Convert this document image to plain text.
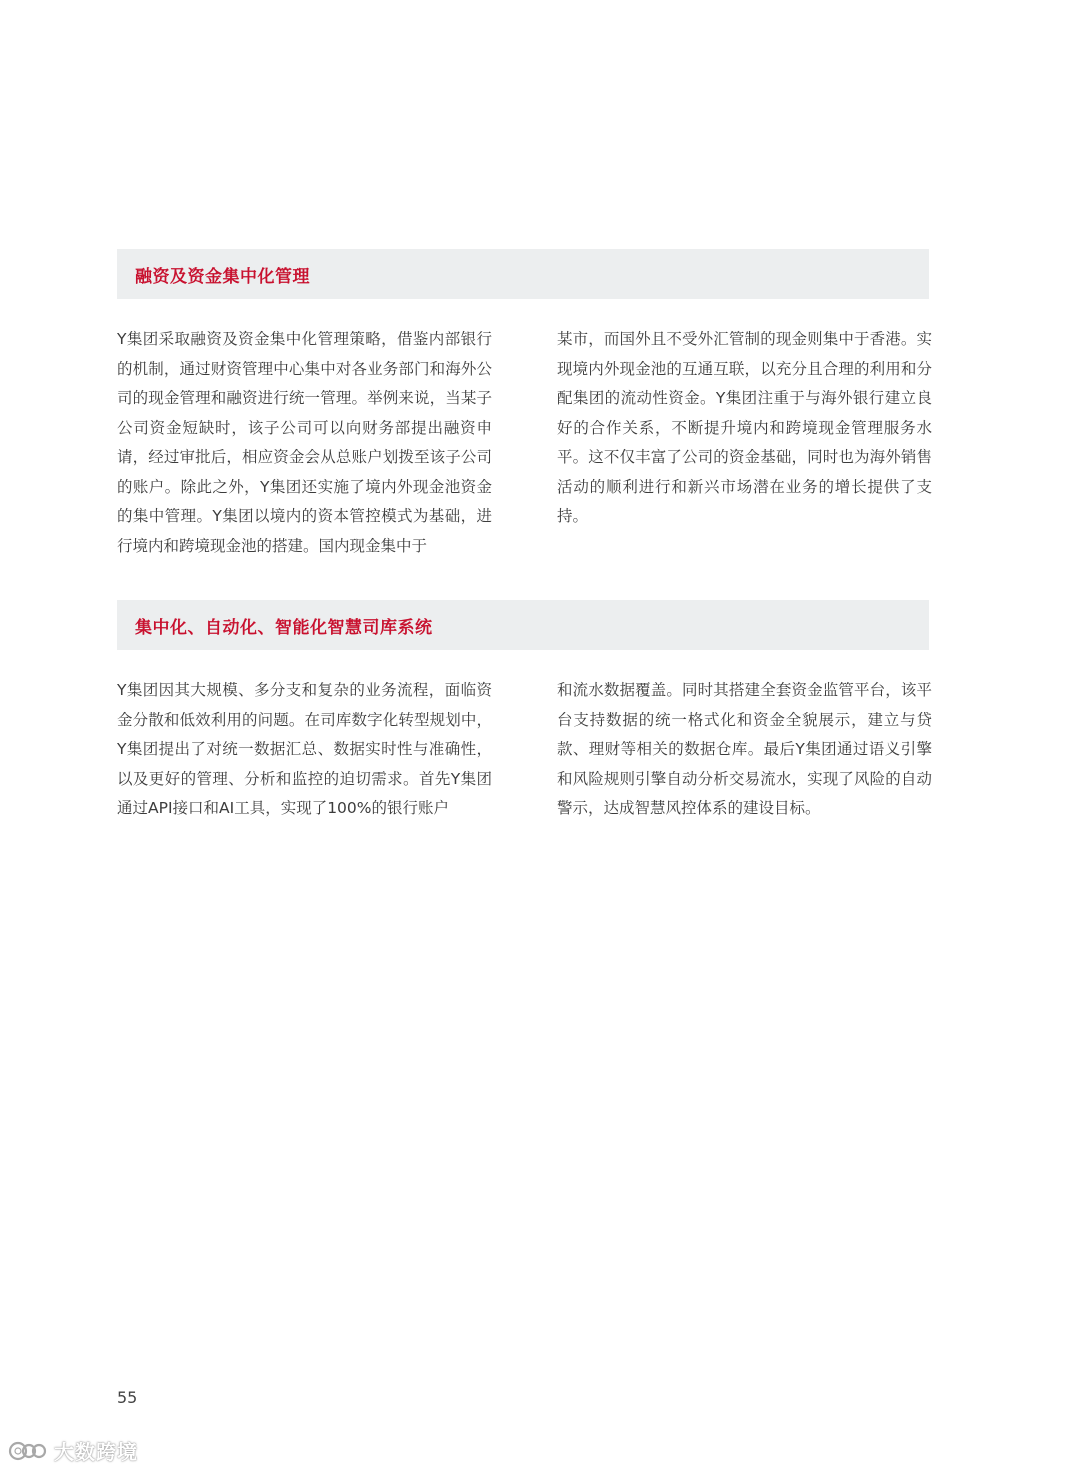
融资及资金集中化管理

Y集团采取融资及资金集中化管理策略，借鉴内部银行的机制，通过财资管理中心集中对各业务部门和海外公司的现金管理和融资进行统一管理。举例来说，当某子公司资金短缺时，该子公司可以向财务部提出融资申请，经过审批后，相应资金会从总账户划拨至该子公司的账户。除此之外，Y集团还实施了境内外现金池资金的集中管理。Y集团以境内的资本管控模式为基础，进行境内和跨境现金池的搭建。国内现金集中于

某市，而国外且不受外汇管制的现金则集中于香港。实现境内外现金池的互通互联，以充分且合理的利用和分配集团的流动性资金。Y集团注重于与海外银行建立良好的合作关系，不断提升境内和跨境现金管理服务水平。这不仅丰富了公司的资金基础，同时也为海外销售活动的顺利进行和新兴市场潜在业务的增长提供了支持。

集中化、自动化、智能化智慧司库系统

Y集团因其大规模、多分支和复杂的业务流程，面临资金分散和低效利用的问题。在司库数字化转型规划中，Y集团提出了对统一数据汇总、数据实时性与准确性，以及更好的管理、分析和监控的迫切需求。首先Y集团通过API接口和AI工具，实现了100%的银行账户

和流水数据覆盖。同时其搭建全套资金监管平台，该平台支持数据的统一格式化和资金全貌展示，建立与贷款、理财等相关的数据仓库。最后Y集团通过语义引擎和风险规则引擎自动分析交易流水，实现了风险的自动警示，达成智慧风控体系的建设目标。

55
大数跨境
